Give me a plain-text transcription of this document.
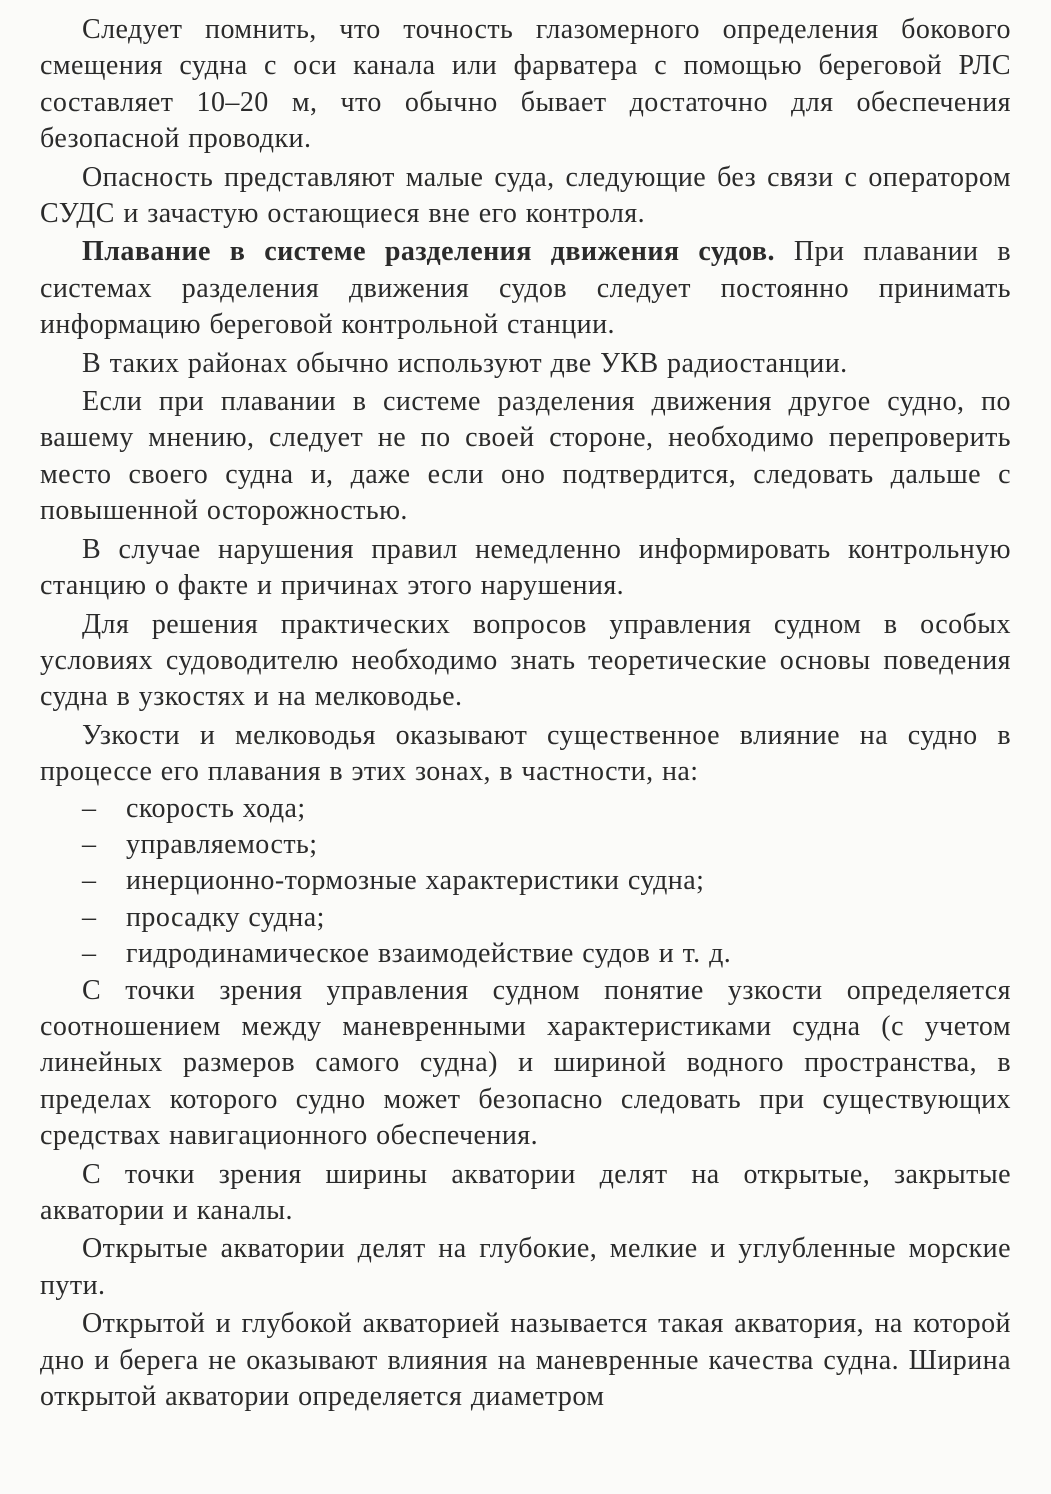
Следует помнить, что точность глазомерного определения бокового смещения судна с оси канала или фарватера с помощью береговой РЛС составляет 10–20 м, что обычно бывает достаточно для обеспечения безопасной проводки.

Опасность представляют малые суда, следующие без связи с оператором СУДС и зачастую остающиеся вне его контроля.

Плавание в системе разделения движения судов. При плавании в системах разделения движения судов следует постоянно принимать информацию береговой контрольной станции.

В таких районах обычно используют две УКВ радиостанции.

Если при плавании в системе разделения движения другое судно, по вашему мнению, следует не по своей стороне, необходимо перепроверить место своего судна и, даже если оно подтвердится, следовать дальше с повышенной осторожностью.

В случае нарушения правил немедленно информировать контрольную станцию о факте и причинах этого нарушения.

Для решения практических вопросов управления судном в особых условиях судоводителю необходимо знать теоретические основы поведения судна в узкостях и на мелководье.

Узкости и мелководья оказывают существенное влияние на судно в процессе его плавания в этих зонах, в частности, на:

–	скорость хода;
–	управляемость;
–	инерционно-тормозные характеристики судна;
–	просадку судна;
–	гидродинамическое взаимодействие судов и т. д.

С точки зрения управления судном понятие узкости определяется соотношением между маневренными характеристиками судна (с учетом линейных размеров самого судна) и шириной водного пространства, в пределах которого судно может безопасно следовать при существующих средствах навигационного обеспечения.

С точки зрения ширины акватории делят на открытые, закрытые акватории и каналы.

Открытые акватории делят на глубокие, мелкие и углубленные морские пути.

Открытой и глубокой акваторией называется такая акватория, на которой дно и берега не оказывают влияния на маневренные качества судна. Ширина открытой акватории определяется диаметром
